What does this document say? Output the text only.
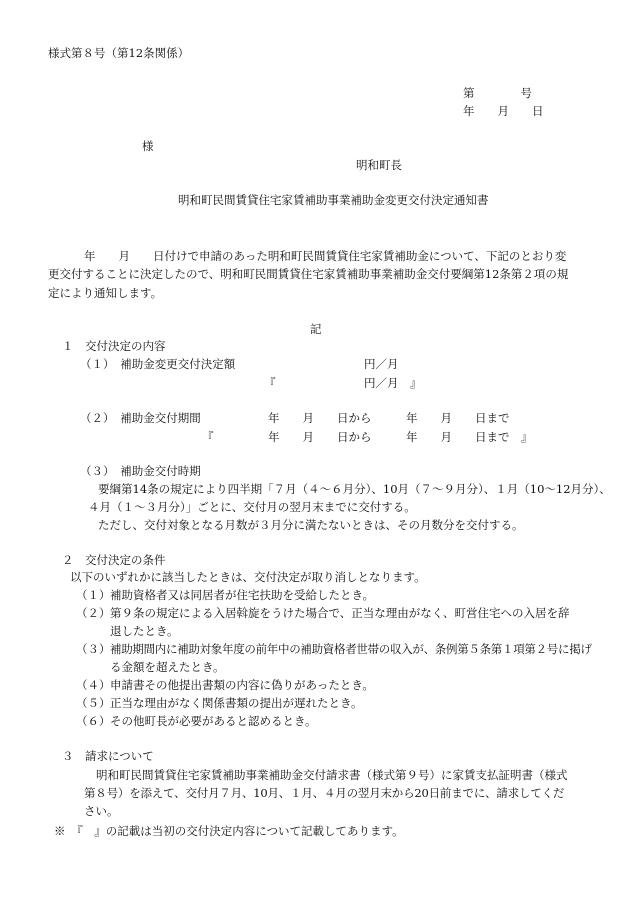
様式第８号（第12条関係）
第　　　　号
年　　月　　日
様
明和町長
明和町民間賃貸住宅家賃補助事業補助金変更交付決定通知書
年　　月　　日付けで申請のあった明和町民間賃貸住宅家賃補助金について、下記のとおり変
更交付することに決定したので、明和町民間賃貸住宅家賃補助事業補助金交付要綱第12条第２項の規
定により通知します。
記
１　交付決定の内容
（１）　補助金変更交付決定額	円／月
『	円／月　』
（２）　補助金交付期間	年　　月　　日から　　　年　　月　　日まで
『	年　　月　　日から　　　年　　月　　日まで　』
（３）　補助金交付時期
要綱第14条の規定により四半期「７月（４～６月分）、10月（７～９月分）、１月（10～12月分）、
４月（１～３月分）」ごとに、交付月の翌月末までに交付する。
ただし、交付対象となる月数が３月分に満たないときは、その月数分を交付する。
２　交付決定の条件
以下のいずれかに該当したときは、交付決定が取り消しとなります。
（１） 補助資格者又は同居者が住宅扶助を受給したとき。
（２） 第９条の規定による入居斡旋をうけた場合で、正当な理由がなく、町営住宅への入居を辞
退したとき。
（３） 補助期間内に補助対象年度の前年中の補助資格者世帯の収入が、条例第５条第１項第２号に掲げ
る金額を超えたとき。
（４） 申請書その他提出書類の内容に偽りがあったとき。
（５） 正当な理由がなく関係書類の提出が遅れたとき。
（６） その他町長が必要があると認めるとき。
３　請求について
明和町民間賃貸住宅家賃補助事業補助金交付請求書（様式第９号）に家賃支払証明書（様式
第８号）を添えて、交付月７月、10月、１月、４月の翌月末から20日前までに、請求してくだ
さい。
※　『　』の記載は当初の交付決定内容について記載してあります。
